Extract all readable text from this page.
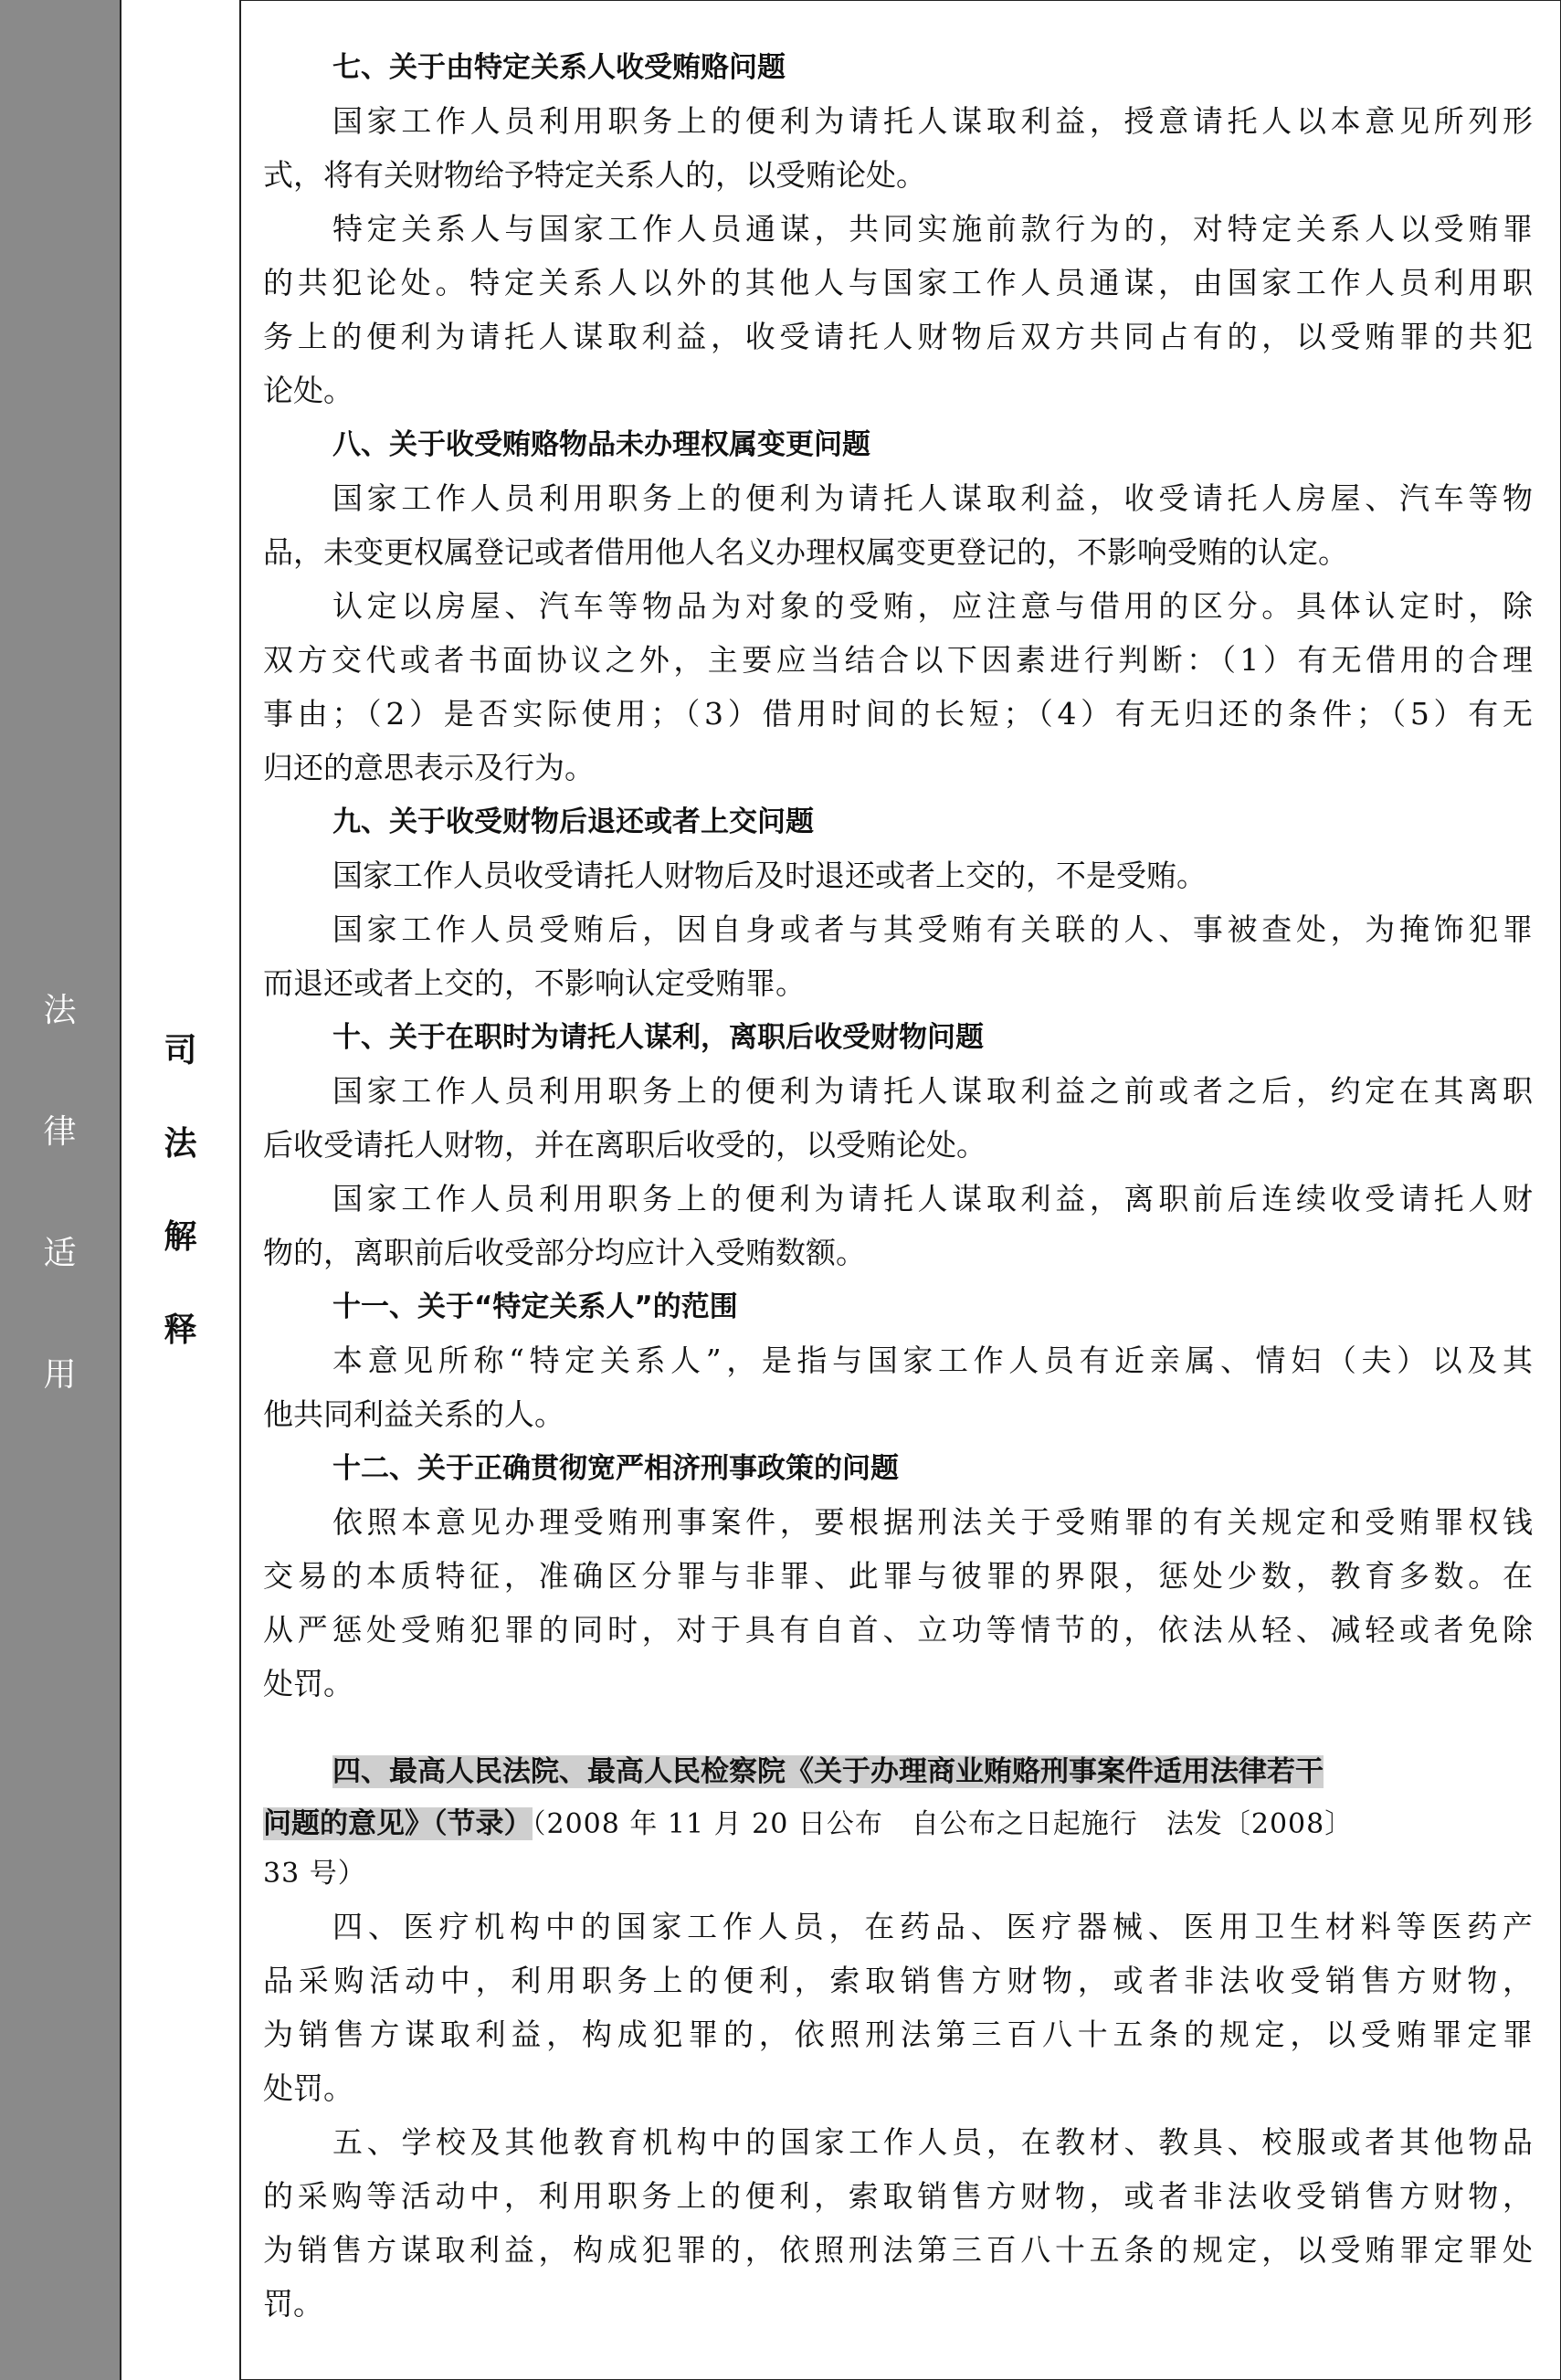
法
律
适
用
司
法
解
释
七、关于由特定关系人收受贿赂问题
国家工作人员利用职务上的便利为请托人谋取利益，授意请托人以本意见所列形
式，将有关财物给予特定关系人的，以受贿论处。
特定关系人与国家工作人员通谋，共同实施前款行为的，对特定关系人以受贿罪
的共犯论处。特定关系人以外的其他人与国家工作人员通谋，由国家工作人员利用职
务上的便利为请托人谋取利益，收受请托人财物后双方共同占有的，以受贿罪的共犯
论处。
八、关于收受贿赂物品未办理权属变更问题
国家工作人员利用职务上的便利为请托人谋取利益，收受请托人房屋、汽车等物
品，未变更权属登记或者借用他人名义办理权属变更登记的，不影响受贿的认定。
认定以房屋、汽车等物品为对象的受贿，应注意与借用的区分。具体认定时，除
双方交代或者书面协议之外，主要应当结合以下因素进行判断：（1）有无借用的合理
事由；（2）是否实际使用；（3）借用时间的长短；（4）有无归还的条件；（5）有无
归还的意思表示及行为。
九、关于收受财物后退还或者上交问题
国家工作人员收受请托人财物后及时退还或者上交的，不是受贿。
国家工作人员受贿后，因自身或者与其受贿有关联的人、事被查处，为掩饰犯罪
而退还或者上交的，不影响认定受贿罪。
十、关于在职时为请托人谋利，离职后收受财物问题
国家工作人员利用职务上的便利为请托人谋取利益之前或者之后，约定在其离职
后收受请托人财物，并在离职后收受的，以受贿论处。
国家工作人员利用职务上的便利为请托人谋取利益，离职前后连续收受请托人财
物的，离职前后收受部分均应计入受贿数额。
十一、关于“特定关系人”的范围
本意见所称“特定关系人”，是指与国家工作人员有近亲属、情妇（夫）以及其
他共同利益关系的人。
十二、关于正确贯彻宽严相济刑事政策的问题
依照本意见办理受贿刑事案件，要根据刑法关于受贿罪的有关规定和受贿罪权钱
交易的本质特征，准确区分罪与非罪、此罪与彼罪的界限，惩处少数，教育多数。在
从严惩处受贿犯罪的同时，对于具有自首、立功等情节的，依法从轻、减轻或者免除
处罚。
四、最高人民法院、最高人民检察院《关于办理商业贿赂刑事案件适用法律若干
问题的意见》（节录）（2008 年 11 月 20 日公布　自公布之日起施行　法发〔2008〕
33 号）
四、医疗机构中的国家工作人员，在药品、医疗器械、医用卫生材料等医药产
品采购活动中，利用职务上的便利，索取销售方财物，或者非法收受销售方财物，
为销售方谋取利益，构成犯罪的，依照刑法第三百八十五条的规定，以受贿罪定罪
处罚。
五、学校及其他教育机构中的国家工作人员，在教材、教具、校服或者其他物品
的采购等活动中，利用职务上的便利，索取销售方财物，或者非法收受销售方财物，
为销售方谋取利益，构成犯罪的，依照刑法第三百八十五条的规定，以受贿罪定罪处
罚。
